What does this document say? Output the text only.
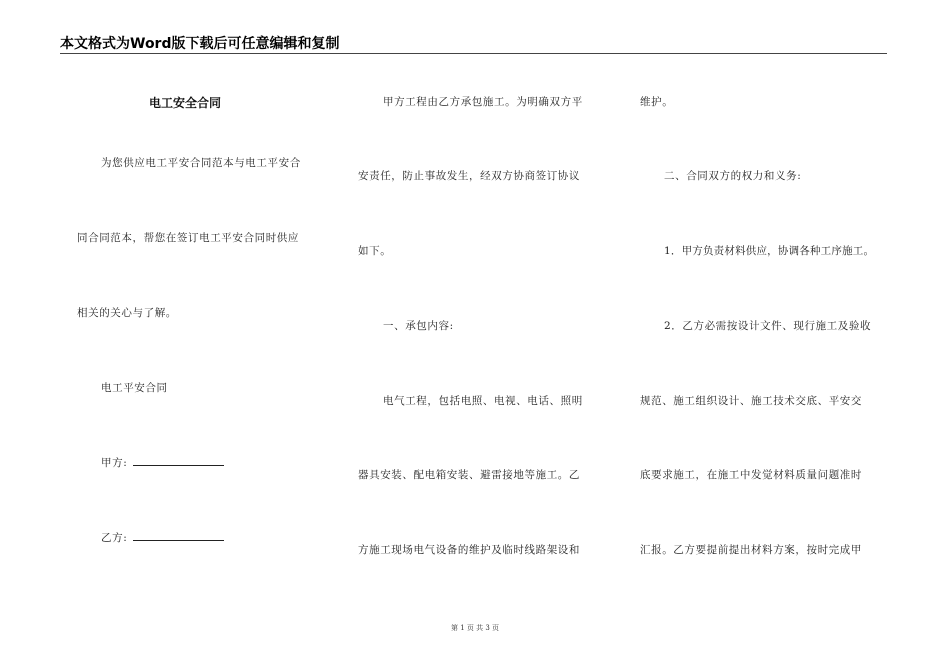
本文格式为Word版下载后可任意编辑和复制
电工安全合同
为您供应电工平安合同范本与电工平安合
同合同范本，帮您在签订电工平安合同时供应
相关的关心与了解。
电工平安合同
甲方:
乙方:
甲方工程由乙方承包施工。为明确双方平
安责任，防止事故发生，经双方协商签订协议
如下。
一、承包内容:
电气工程，包括电照、电视、电话、照明
器具安装、配电箱安装、避雷接地等施工。乙
方施工现场电气设备的维护及临时线路架设和
维护。
二、合同双方的权力和义务:
1．甲方负责材料供应，协调各种工序施工。
2．乙方必需按设计文件、现行施工及验收
规范、施工组织设计、施工技术交底、平安交
底要求施工，在施工中发觉材料质量问题准时
汇报。乙方要提前提出材料方案，按时完成甲
第 1 页 共 3 页
